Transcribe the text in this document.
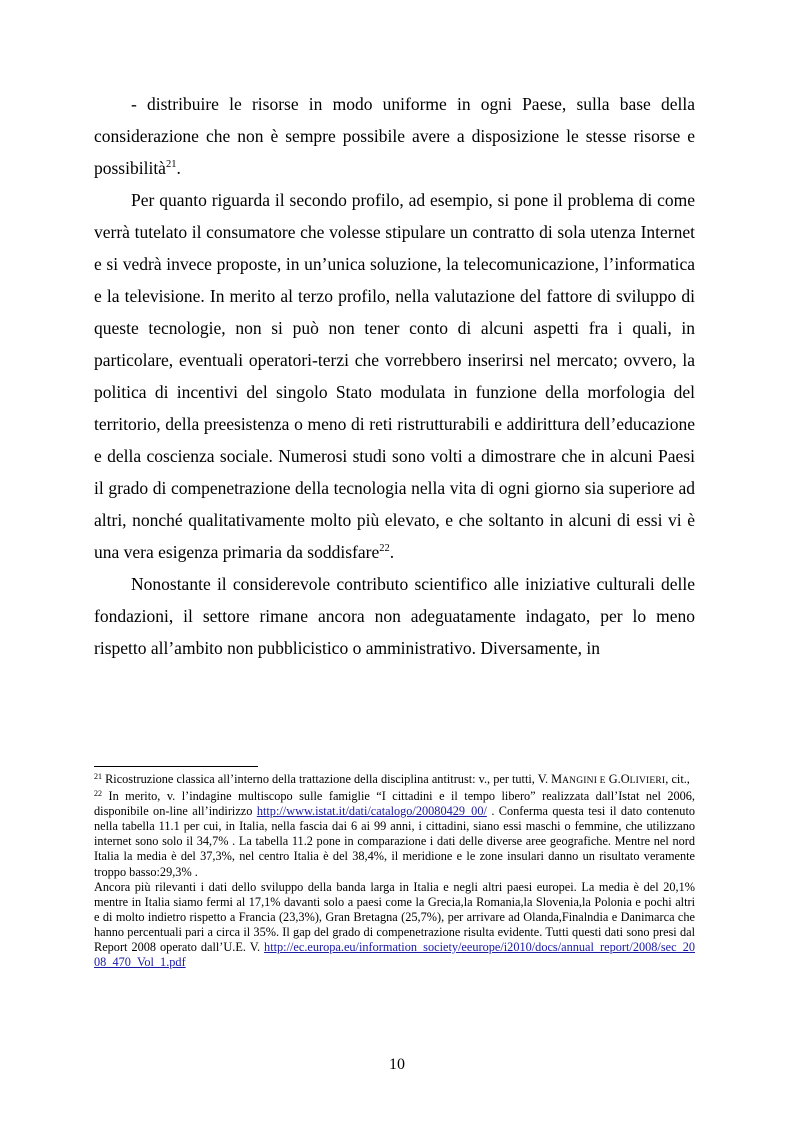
- distribuire le risorse in modo uniforme in ogni Paese, sulla base della considerazione che non è sempre possibile avere a disposizione le stesse risorse e possibilità$^{21}$.

Per quanto riguarda il secondo profilo, ad esempio, si pone il problema di come verrà tutelato il consumatore che volesse stipulare un contratto di sola utenza Internet e si vedrà invece proposte, in un’unica soluzione, la telecomunicazione, l’informatica e la televisione. In merito al terzo profilo, nella valutazione del fattore di sviluppo di queste tecnologie, non si può non tener conto di alcuni aspetti fra i quali, in particolare, eventuali operatori-terzi che vorrebbero inserirsi nel mercato; ovvero, la politica di incentivi del singolo Stato modulata in funzione della morfologia del territorio, della preesistenza o meno di reti ristrutturabili e addirittura dell’educazione e della coscienza sociale. Numerosi studi sono volti a dimostrare che in alcuni Paesi il grado di compenetrazione della tecnologia nella vita di ogni giorno sia superiore ad altri, nonché qualitativamente molto più elevato, e che soltanto in alcuni di essi vi è una vera esigenza primaria da soddisfare$^{22}$.

Nonostante il considerevole contributo scientifico alle iniziative culturali delle fondazioni, il settore rimane ancora non adeguatamente indagato, per lo meno rispetto all’ambito non pubblicistico o amministrativo. Diversamente, in

$^{21}$ Ricostruzione classica all’interno della trattazione della disciplina antitrust: v., per tutti, V. MANGINI E G.OLIVIERI, cit.,

$^{22}$ In merito, v. l’indagine multiscopo sulle famiglie “I cittadini e il tempo libero” realizzata dall’Istat nel 2006, disponibile on-line all’indirizzo http://www.istat.it/dati/catalogo/20080429_00/ . Conferma questa tesi il dato contenuto nella tabella 11.1 per cui, in Italia, nella fascia dai 6 ai 99 anni, i cittadini, siano essi maschi o femmine, che utilizzano internet sono solo il 34,7% . La tabella 11.2 pone in comparazione i dati delle diverse aree geografiche. Mentre nel nord Italia la media è del 37,3%, nel centro Italia è del 38,4%, il meridione e le zone insulari danno un risultato veramente troppo basso:29,3% .

Ancora più rilevanti i dati dello sviluppo della banda larga in Italia e negli altri paesi europei. La media è del 20,1% mentre in Italia siamo fermi al 17,1% davanti solo a paesi come la Grecia,la Romania,la Slovenia,la Polonia e pochi altri e di molto indietro rispetto a Francia (23,3%), Gran Bretagna (25,7%), per arrivare ad Olanda,Finalndia e Danimarca che hanno percentuali pari a circa il 35%. Il gap del grado di compenetrazione risulta evidente. Tutti questi dati sono presi dal Report 2008 operato dall’U.E. V. http://ec.europa.eu/information_society/eeurope/i2010/docs/annual_report/2008/sec_2008_470_Vol_1.pdf

10
